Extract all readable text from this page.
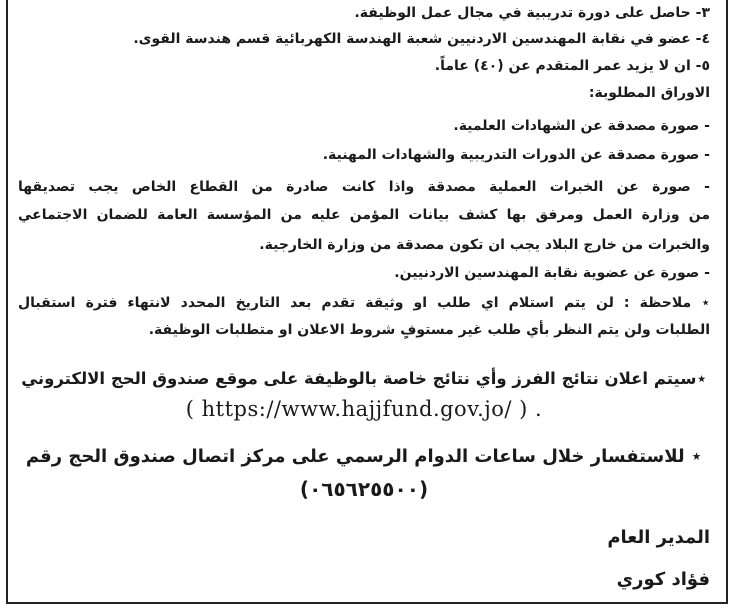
٣- حاصل على دورة تدريبية في مجال عمل الوظيفة.
٤- عضو في نقابة المهندسين الاردنيين شعبة الهندسة الكهربائية قسم هندسة القوى.
٥- ان لا يزيد عمر المتقدم عن (٤٠) عاماً.
الاوراق المطلوبة:
- صورة مصدقة عن الشهادات العلمية.
- صورة مصدقة عن الدورات التدريبية والشهادات المهنية.
- صورة عن الخبرات العملية مصدقة واذا كانت صادرة من القطاع الخاص يجب تصديقها
من وزارة العمل ومرفق بها كشف بيانات المؤمن عليه من المؤسسة العامة للضمان الاجتماعي
والخبرات من خارج البلاد يجب ان تكون مصدقة من وزارة الخارجية.
- صورة عن عضوية نقابة المهندسين الاردنيين.
⋆ ملاحظة : لن يتم استلام اي طلب او وثيقة تقدم بعد التاريخ المحدد لانتهاء فترة استقبال
الطلبات ولن يتم النظر بأي طلب غير مستوفٍ شروط الاعلان او متطلبات الوظيفة.
⋆سيتم اعلان نتائج الفرز وأي نتائج خاصة بالوظيفة على موقع صندوق الحج الالكتروني
( https://www.hajjfund.gov.jo/ ) .
⋆ للاستفسار خلال ساعات الدوام الرسمي على مركز اتصال صندوق الحج رقم
(٠٦٥٦٢٥٥٠٠)
المدير العام
فؤاد كوري
